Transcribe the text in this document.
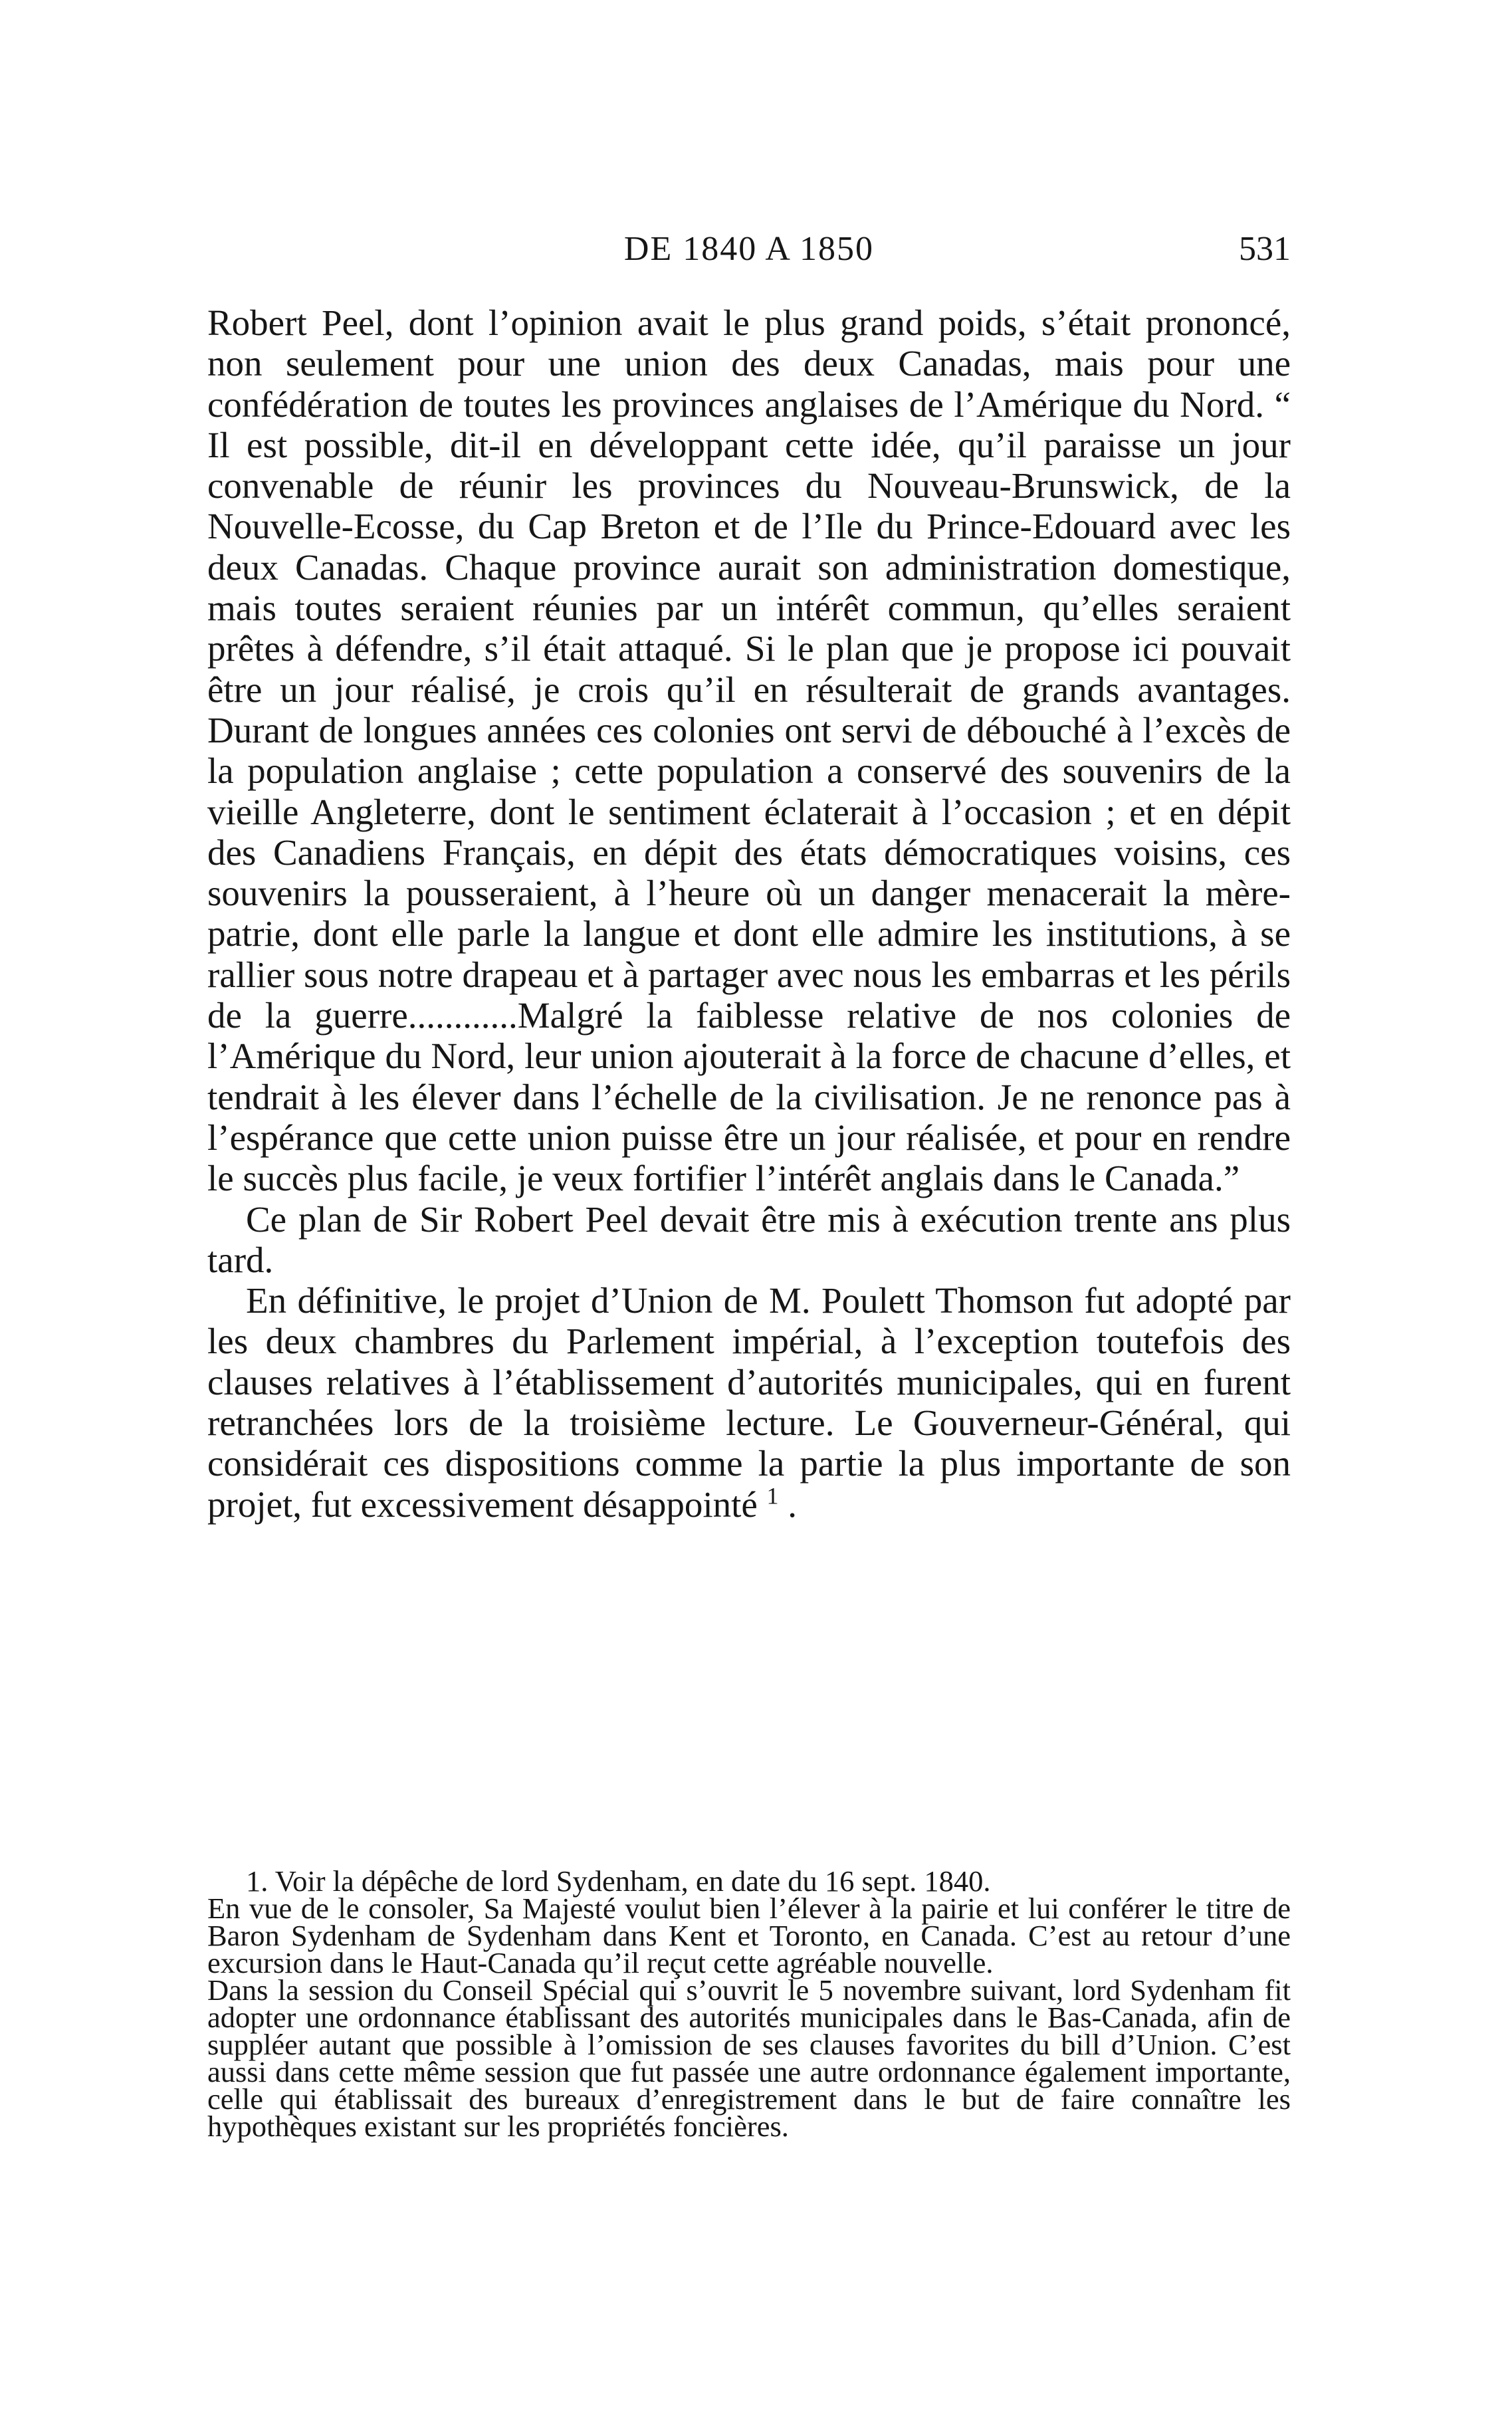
DE 1840 A 1850	531

Robert Peel, dont l’opinion avait le plus grand poids, s’était prononcé, non seulement pour une union des deux Canadas, mais pour une confédération de toutes les provinces anglaises de l’Amérique du Nord. “ Il est possible, dit-il en développant cette idée, qu’il paraisse un jour convenable de réunir les provinces du Nouveau-Brunswick, de la Nouvelle-Ecosse, du Cap Breton et de l’Ile du Prince-Edouard avec les deux Canadas. Chaque province aurait son administration domestique, mais toutes seraient réunies par un intérêt commun, qu’elles seraient prêtes à défendre, s’il était attaqué. Si le plan que je propose ici pouvait être un jour réalisé, je crois qu’il en résulterait de grands avantages. Durant de longues années ces colonies ont servi de débouché à l’excès de la population anglaise ; cette population a conservé des souvenirs de la vieille Angleterre, dont le sentiment éclaterait à l’occasion ; et en dépit des Canadiens Français, en dépit des états démocratiques voisins, ces souvenirs la pousseraient, à l’heure où un danger menacerait la mère-patrie, dont elle parle la langue et dont elle admire les institutions, à se rallier sous notre drapeau et à partager avec nous les embarras et les périls de la guerre............Malgré la faiblesse relative de nos colonies de l’Amérique du Nord, leur union ajouterait à la force de chacune d’elles, et tendrait à les élever dans l’échelle de la civilisation. Je ne renonce pas à l’espérance que cette union puisse être un jour réalisée, et pour en rendre le succès plus facile, je veux fortifier l’intérêt anglais dans le Canada.”

Ce plan de Sir Robert Peel devait être mis à exécution trente ans plus tard.

En définitive, le projet d’Union de M. Poulett Thomson fut adopté par les deux chambres du Parlement impérial, à l’exception toutefois des clauses relatives à l’établissement d’autorités municipales, qui en furent retranchées lors de la troisième lecture. Le Gouverneur-Général, qui considérait ces dispositions comme la partie la plus importante de son projet, fut excessivement désappointé $^1$ .

1. Voir la dépêche de lord Sydenham, en date du 16 sept. 1840.

En vue de le consoler, Sa Majesté voulut bien l’élever à la pairie et lui conférer le titre de Baron Sydenham de Sydenham dans Kent et Toronto, en Canada. C’est au retour d’une excursion dans le Haut-Canada qu’il reçut cette agréable nouvelle.

Dans la session du Conseil Spécial qui s’ouvrit le 5 novembre suivant, lord Sydenham fit adopter une ordonnance établissant des autorités municipales dans le Bas-Canada, afin de suppléer autant que possible à l’omission de ses clauses favorites du bill d’Union. C’est aussi dans cette même session que fut passée une autre ordonnance également importante, celle qui établissait des bureaux d’enregistrement dans le but de faire connaître les hypothèques existant sur les propriétés foncières.
